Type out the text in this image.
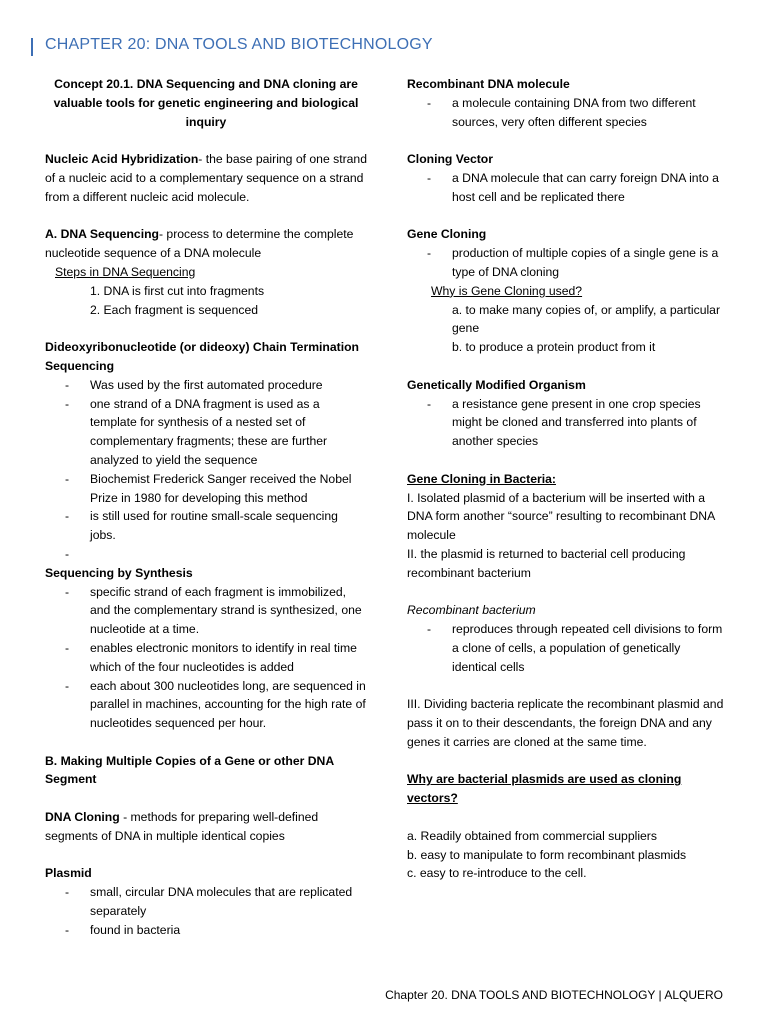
CHAPTER 20: DNA TOOLS AND BIOTECHNOLOGY

Concept 20.1. DNA Sequencing and DNA cloning are valuable tools for genetic engineering and biological inquiry

Nucleic Acid Hybridization- the base pairing of one strand of a nucleic acid to a complementary sequence on a strand from a different nucleic acid molecule.

A. DNA Sequencing- process to determine the complete nucleotide sequence of a DNA molecule

Steps in DNA Sequencing

1. DNA is first cut into fragments

2. Each fragment is sequenced

Dideoxyribonucleotide (or dideoxy) Chain Termination Sequencing

- Was used by the first automated procedure
- one strand of a DNA fragment is used as a template for synthesis of a nested set of complementary fragments; these are further analyzed to yield the sequence
- Biochemist Frederick Sanger received the Nobel Prize in 1980 for developing this method
- is still used for routine small-scale sequencing jobs.
-

Sequencing by Synthesis

- specific strand of each fragment is immobilized, and the complementary strand is synthesized, one nucleotide at a time.
- enables electronic monitors to identify in real time which of the four nucleotides is added
- each about 300 nucleotides long, are sequenced in parallel in machines, accounting for the high rate of nucleotides sequenced per hour.

B. Making Multiple Copies of a Gene or other DNA Segment

DNA Cloning - methods for preparing well-defined segments of DNA in multiple identical copies

Plasmid

- small, circular DNA molecules that are replicated separately
- found in bacteria

Recombinant DNA molecule

- a molecule containing DNA from two different sources, very often different species

Cloning Vector

- a DNA molecule that can carry foreign DNA into a host cell and be replicated there

Gene Cloning

- production of multiple copies of a single gene is a type of DNA cloning

Why is Gene Cloning used?

a. to make many copies of, or amplify, a particular gene

b. to produce a protein product from it

Genetically Modified Organism

- a resistance gene present in one crop species might be cloned and transferred into plants of another species

Gene Cloning in Bacteria:

I. Isolated plasmid of a bacterium will be inserted with a DNA form another “source” resulting to recombinant DNA molecule

II. the plasmid is returned to bacterial cell producing recombinant bacterium

Recombinant bacterium

- reproduces through repeated cell divisions to form a clone of cells, a population of genetically identical cells

III. Dividing bacteria replicate the recombinant plasmid and pass it on to their descendants, the foreign DNA and any genes it carries are cloned at the same time.

Why are bacterial plasmids are used as cloning vectors?

a. Readily obtained from commercial suppliers

b. easy to manipulate to form recombinant plasmids

c. easy to re-introduce to the cell.

Chapter 20. DNA TOOLS AND BIOTECHNOLOGY | ALQUERO
